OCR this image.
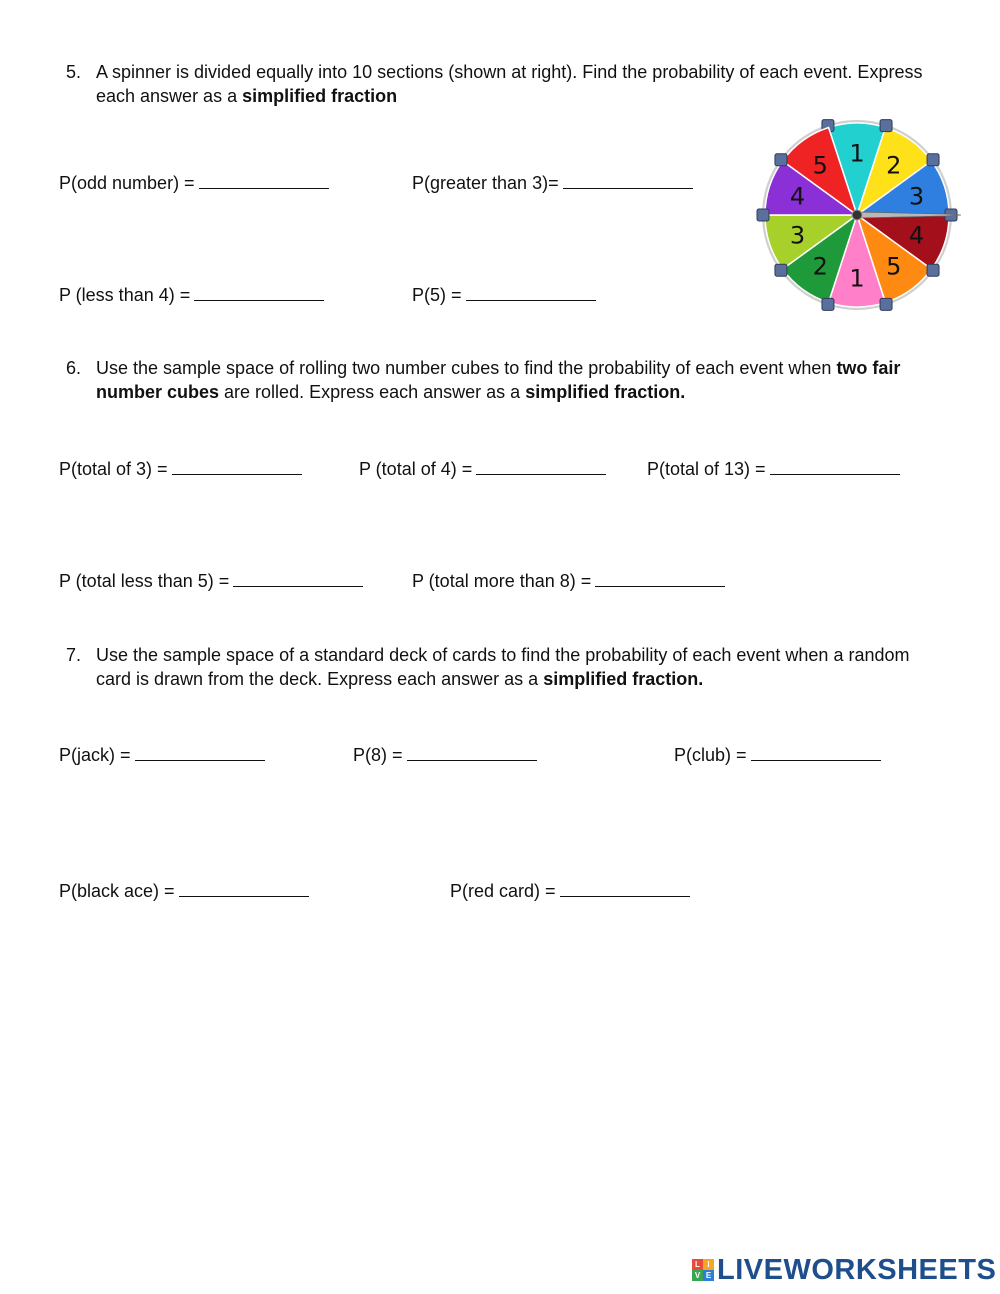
5. A spinner is divided equally into 10 sections (shown at right). Find the probability of each event. Express each answer as a simplified fraction
P(odd number) =	P(greater than 3)=
P (less than 4) =	P(5) =
1 2
3
4
5
1
2
3
4
5
6. Use the sample space of rolling two number cubes to find the probability of each event when two fair number cubes are rolled. Express each answer as a simplified fraction.
P(total of 3) =	P (total of 4) =	P(total of 13) =
P (total less than 5) =	P (total more than 8) =
7. Use the sample space of a standard deck of cards to find the probability of each event when a random card is drawn from the deck. Express each answer as a simplified fraction.
P(jack) =	P(8) =	P(club) =
P(black ace) =	P(red card) =
L I
V E LIVEWORKSHEETS
